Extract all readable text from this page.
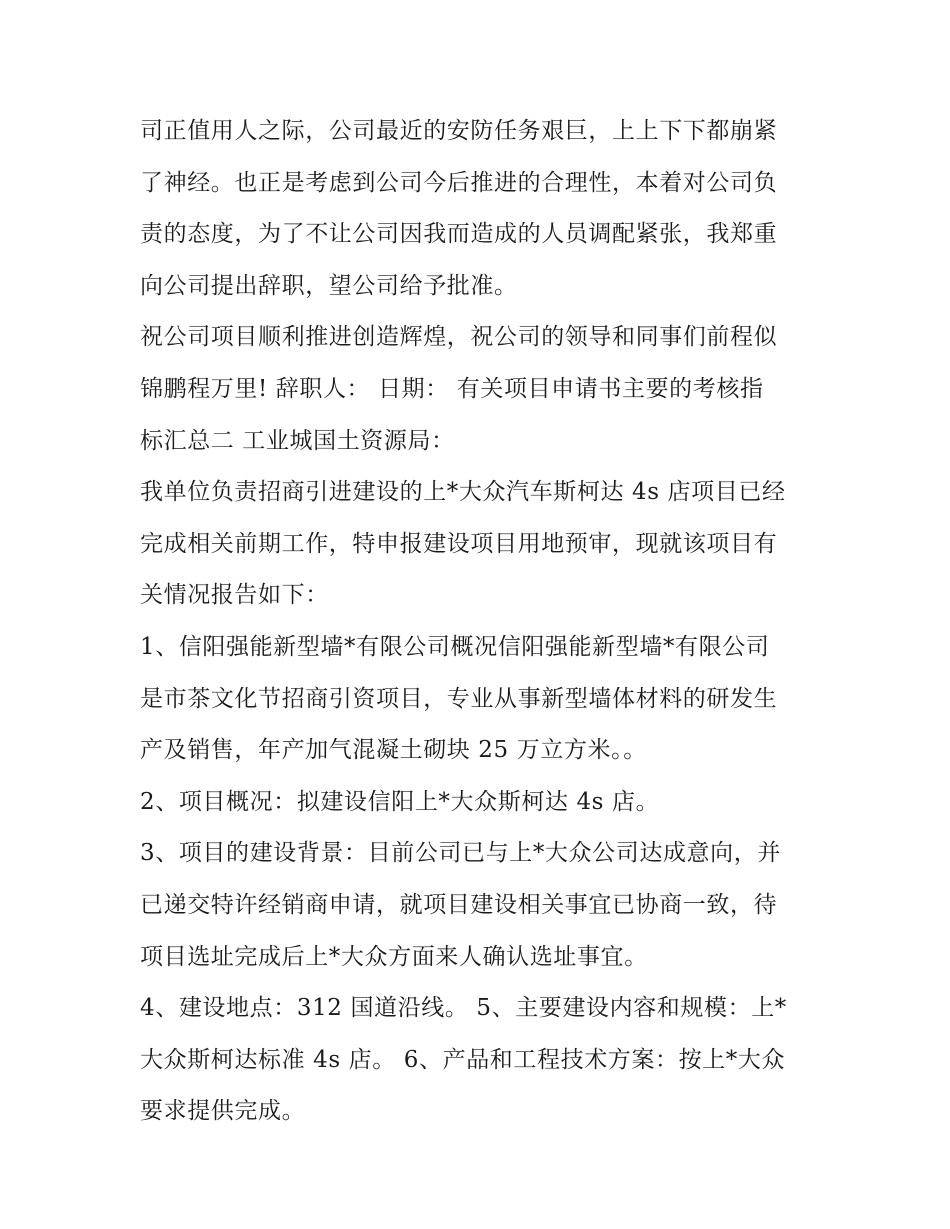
司正值用人之际，公司最近的安防任务艰巨，上上下下都崩紧
了神经。也正是考虑到公司今后推进的合理性，本着对公司负
责的态度，为了不让公司因我而造成的人员调配紧张，我郑重
向公司提出辞职，望公司给予批准。
祝公司项目顺利推进创造辉煌，祝公司的领导和同事们前程似
锦鹏程万里! 辞职人： 日期： 有关项目申请书主要的考核指
标汇总二 工业城国土资源局：
我单位负责招商引进建设的上*大众汽车斯柯达 4s 店项目已经
完成相关前期工作，特申报建设项目用地预审，现就该项目有
关情况报告如下：
1、信阳强能新型墙*有限公司概况信阳强能新型墙*有限公司
是市茶文化节招商引资项目，专业从事新型墙体材料的研发生
产及销售，年产加气混凝土砌块 25 万立方米。。
2、项目概况：拟建设信阳上*大众斯柯达 4s 店。
3、项目的建设背景：目前公司已与上*大众公司达成意向，并
已递交特许经销商申请，就项目建设相关事宜已协商一致，待
项目选址完成后上*大众方面来人确认选址事宜。
4、建设地点：312 国道沿线。 5、主要建设内容和规模：上*
大众斯柯达标准 4s 店。 6、产品和工程技术方案：按上*大众
要求提供完成。
